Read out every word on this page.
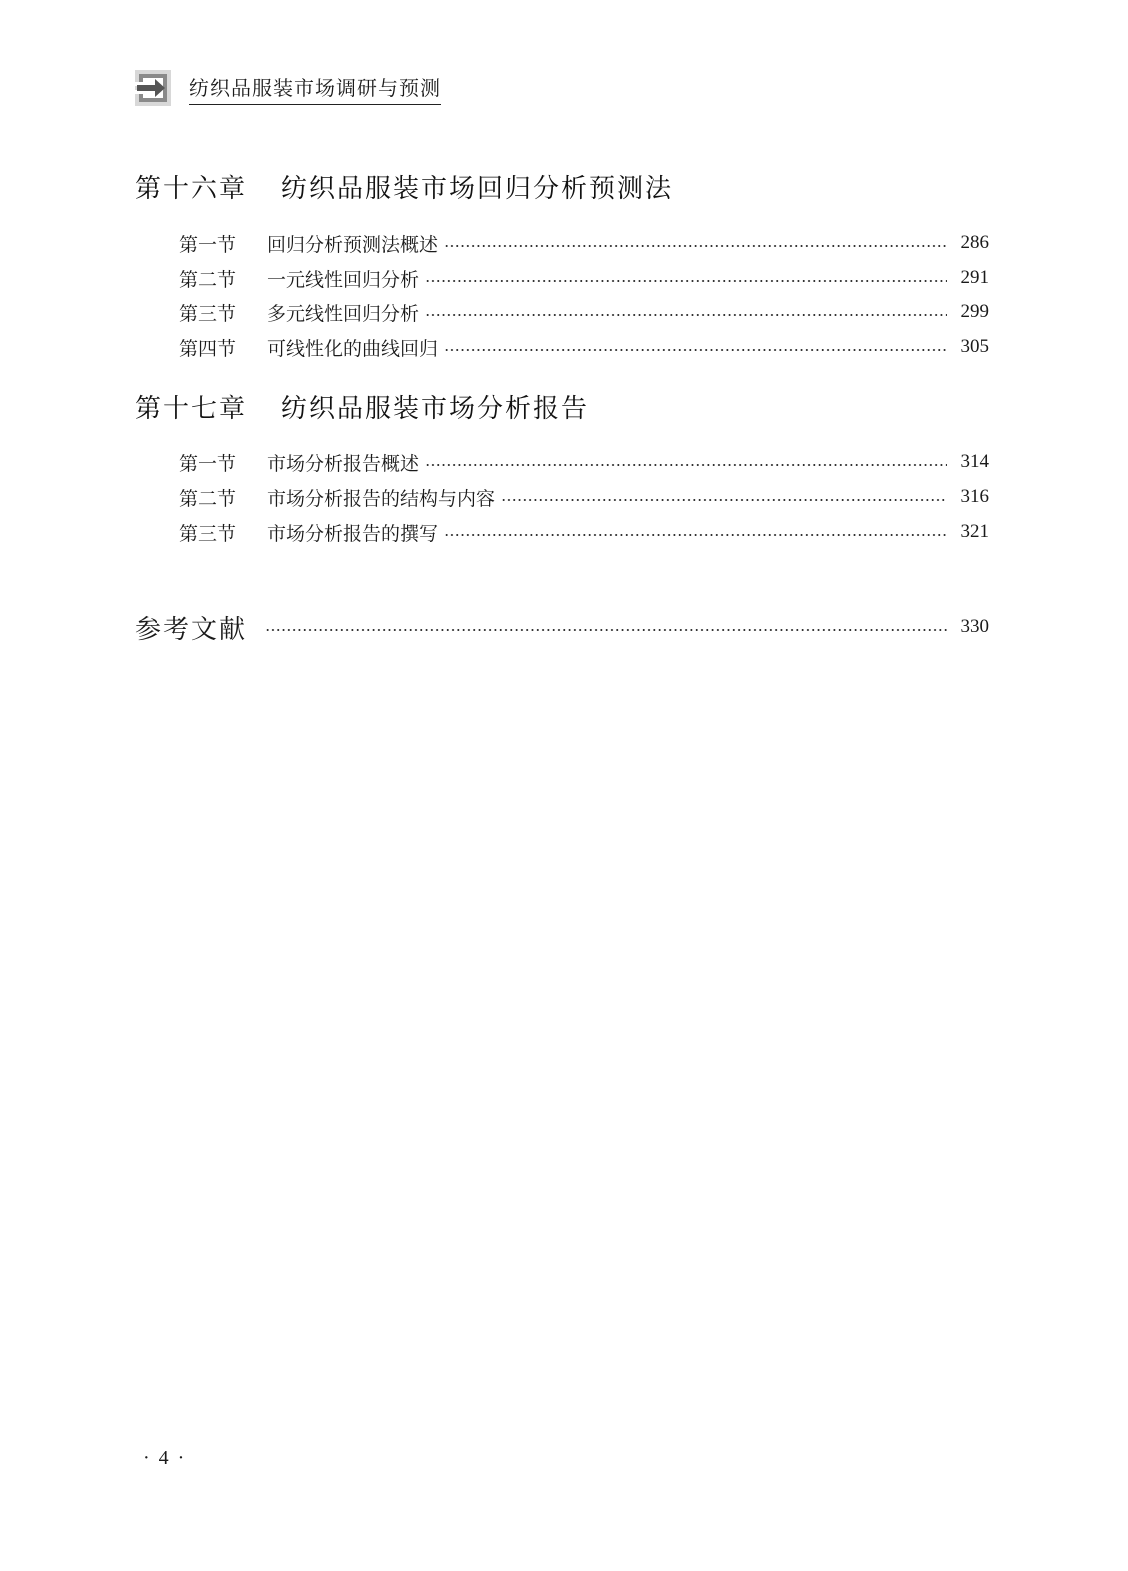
纺织品服装市场调研与预测
第十六章 纺织品服装市场回归分析预测法
第一节	回归分析预测法概述	286
第二节	一元线性回归分析	291
第三节	多元线性回归分析	299
第四节	可线性化的曲线回归	305
第十七章 纺织品服装市场分析报告
第一节	市场分析报告概述	314
第二节	市场分析报告的结构与内容	316
第三节	市场分析报告的撰写	321
参考文献	330
· 4 ·
